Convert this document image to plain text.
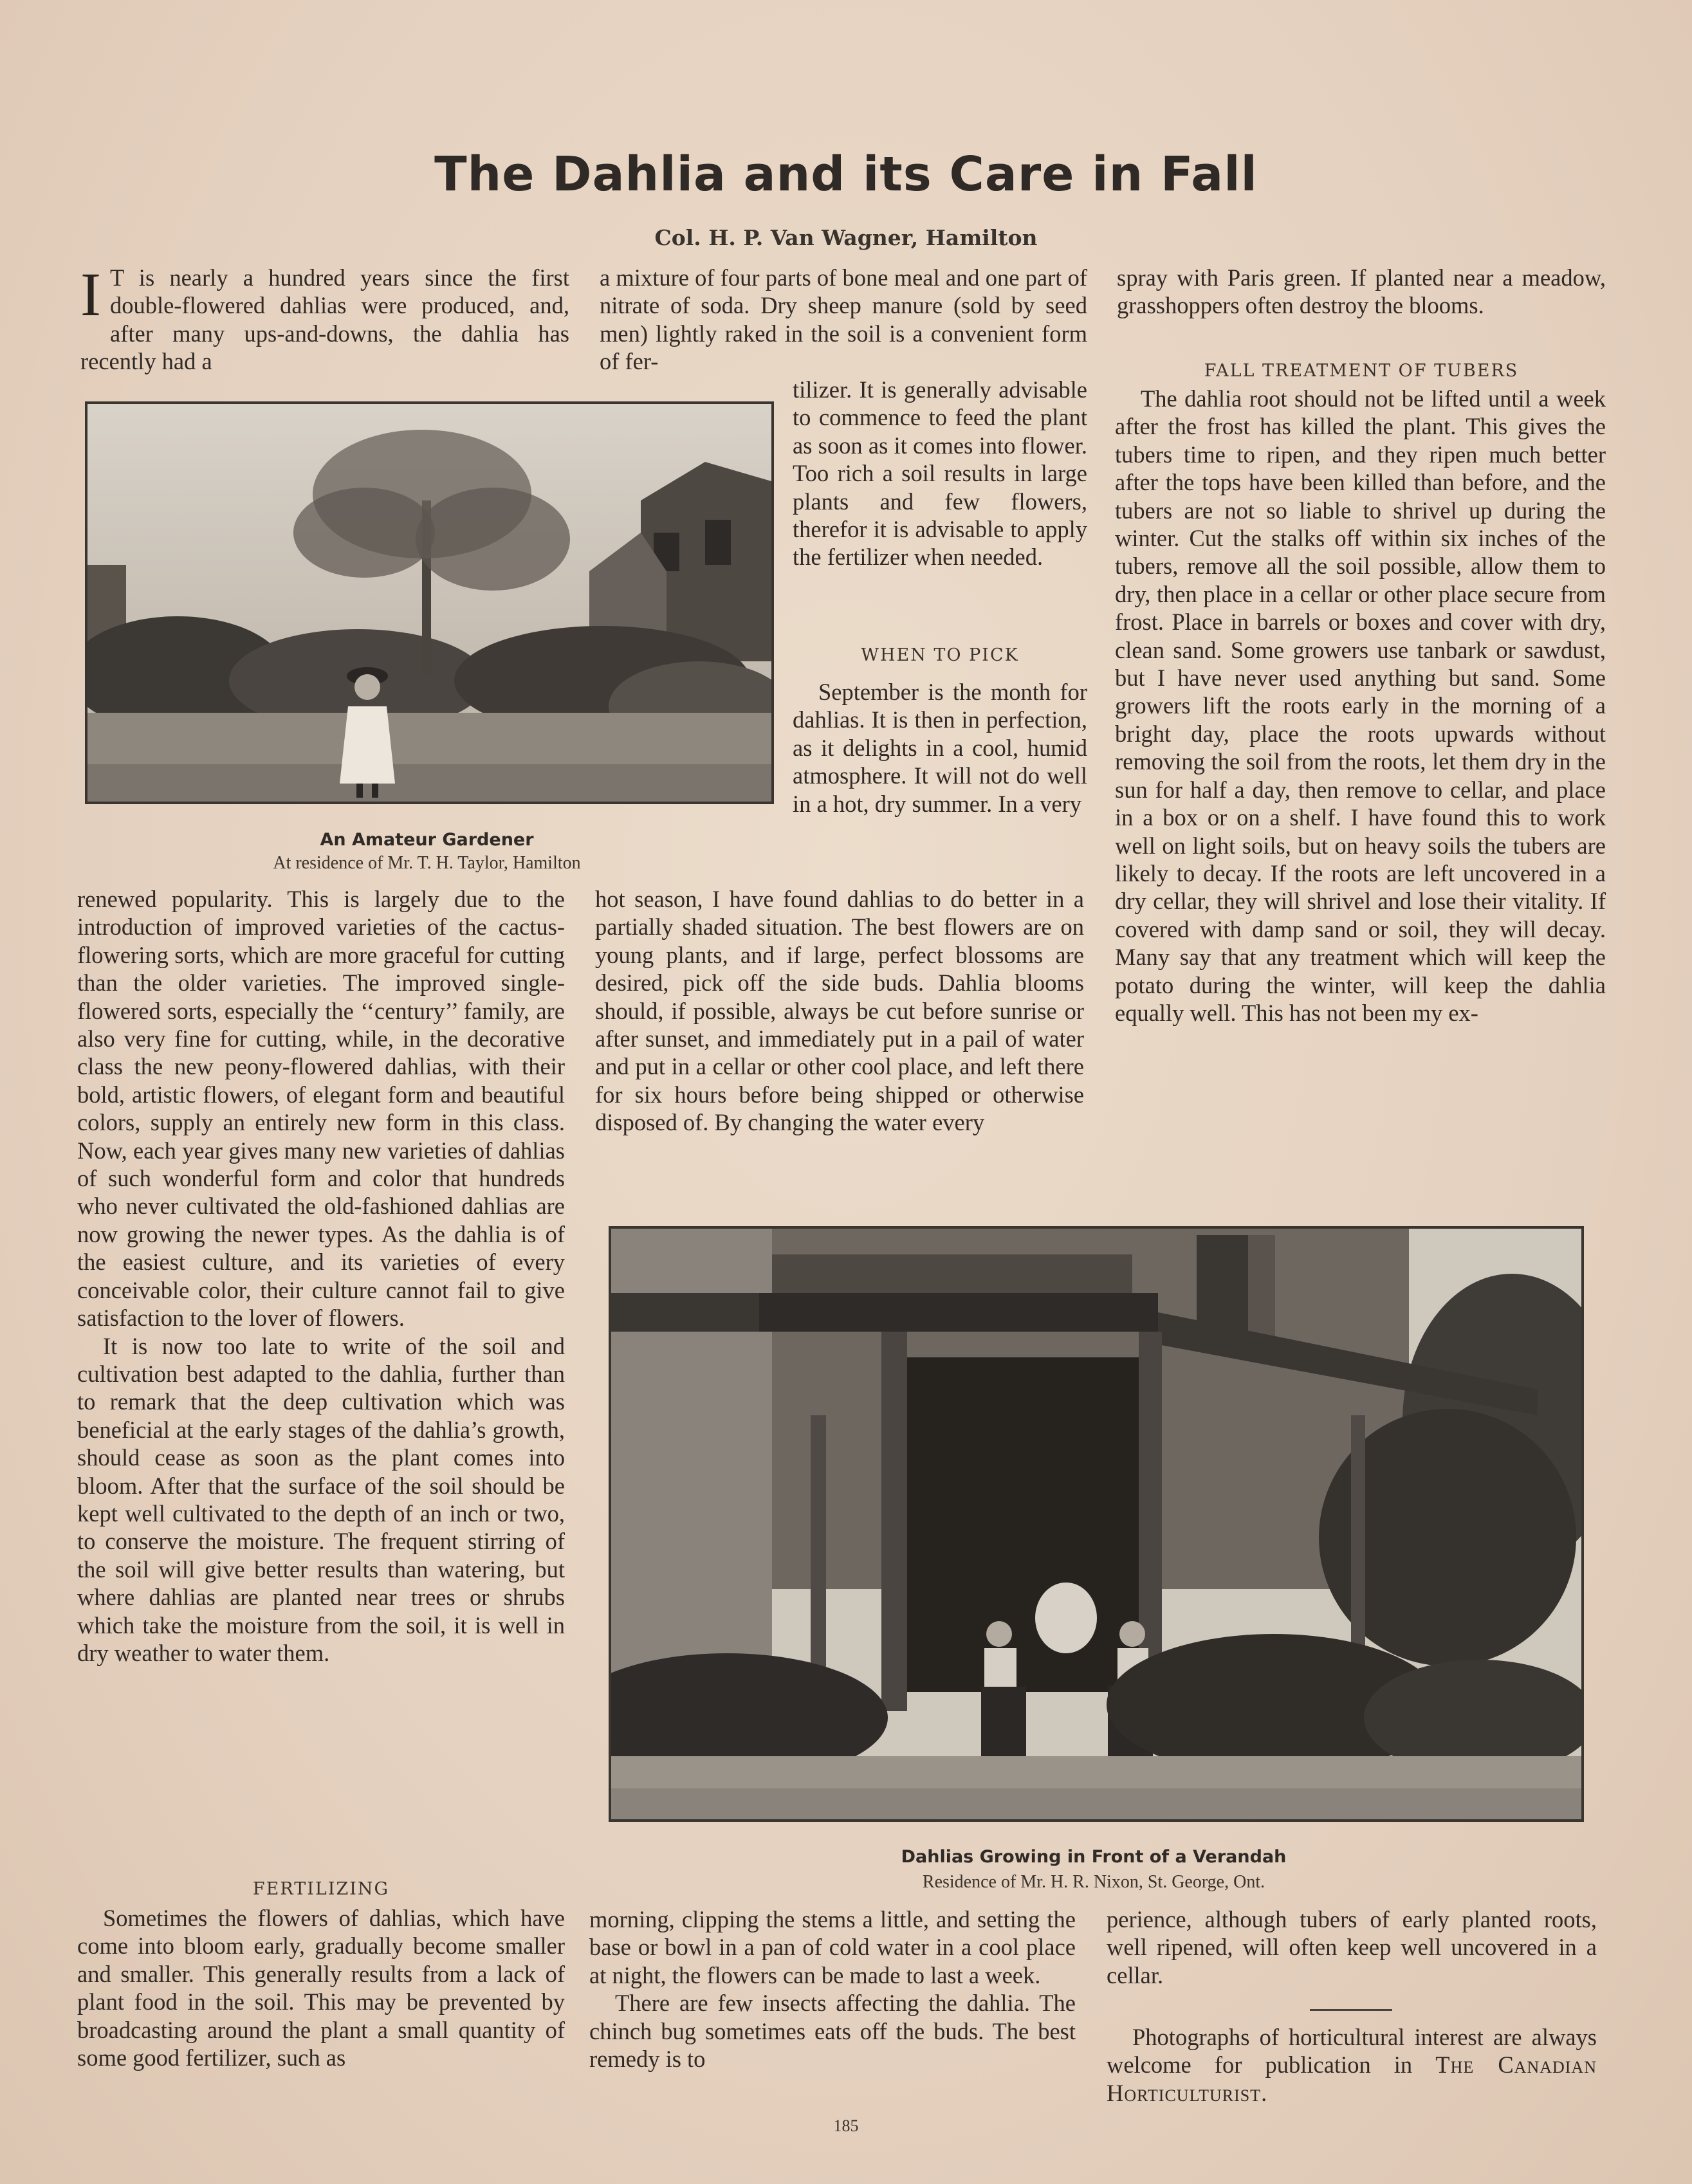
The Dahlia and its Care in Fall
Col. H. P. Van Wagner, Hamilton

I T is nearly a hundred years since the first double-flowered dahlias were produced, and, after many ups-and-downs, the dahlia has recently had a

An Amateur Gardener
At residence of Mr. T. H. Taylor, Hamilton

renewed popularity. This is largely due to the introduction of improved varieties of the cactus-flowering sorts, which are more graceful for cutting than the older varieties. The improved single-flowered sorts, especially the ‘‘century’’ family, are also very fine for cutting, while, in the decorative class the new peony-flowered dahlias, with their bold, artistic flowers, of elegant form and beautiful colors, supply an entirely new form in this class. Now, each year gives many new varieties of dahlias of such wonderful form and color that hundreds who never cultivated the old-fashioned dahlias are now growing the newer types. As the dahlia is of the easiest culture, and its varieties of every conceivable color, their culture cannot fail to give satisfaction to the lover of flowers.

It is now too late to write of the soil and cultivation best adapted to the dahlia, further than to remark that the deep cultivation which was beneficial at the early stages of the dahlia’s growth, should cease as soon as the plant comes into bloom. After that the surface of the soil should be kept well cultivated to the depth of an inch or two, to conserve the moisture. The frequent stirring of the soil will give better results than watering, but where dahlias are planted near trees or shrubs which take the moisture from the soil, it is well in dry weather to water them.

FERTILIZING

Sometimes the flowers of dahlias, which have come into bloom early, gradually become smaller and smaller. This generally results from a lack of plant food in the soil. This may be prevented by broadcasting around the plant a small quantity of some good fertilizer, such as

a mixture of four parts of bone meal and one part of nitrate of soda. Dry sheep manure (sold by seed men) lightly raked in the soil is a convenient form of fer-

tilizer. It is generally advisable to commence to feed the plant as soon as it comes into flower. Too rich a soil results in large plants and few flowers, therefor it is advisable to apply the fertilizer when needed.

WHEN TO PICK

September is the month for dahlias. It is then in perfection, as it delights in a cool, humid atmosphere. It will not do well in a hot, dry summer. In a very

hot season, I have found dahlias to do better in a partially shaded situation. The best flowers are on young plants, and if large, perfect blossoms are desired, pick off the side buds. Dahlia blooms should, if possible, always be cut before sunrise or after sunset, and immediately put in a pail of water and put in a cellar or other cool place, and left there for six hours before being shipped or otherwise disposed of. By changing the water every

spray with Paris green. If planted near a meadow, grasshoppers often destroy the blooms.

FALL TREATMENT OF TUBERS

The dahlia root should not be lifted until a week after the frost has killed the plant. This gives the tubers time to ripen, and they ripen much better after the tops have been killed than before, and the tubers are not so liable to shrivel up during the winter. Cut the stalks off within six inches of the tubers, remove all the soil possible, allow them to dry, then place in a cellar or other place secure from frost. Place in barrels or boxes and cover with dry, clean sand. Some growers use tanbark or sawdust, but I have never used anything but sand. Some growers lift the roots early in the morning of a bright day, place the roots upwards without removing the soil from the roots, let them dry in the sun for half a day, then remove to cellar, and place in a box or on a shelf. I have found this to work well on light soils, but on heavy soils the tubers are likely to decay. If the roots are left uncovered in a dry cellar, they will shrivel and lose their vitality. If covered with damp sand or soil, they will decay. Many say that any treatment which will keep the potato during the winter, will keep the dahlia equally well. This has not been my ex-

Dahlias Growing in Front of a Verandah
Residence of Mr. H. R. Nixon, St. George, Ont.

morning, clipping the stems a little, and setting the base or bowl in a pan of cold water in a cool place at night, the flowers can be made to last a week.

There are few insects affecting the dahlia. The chinch bug sometimes eats off the buds. The best remedy is to

perience, although tubers of early planted roots, well ripened, will often keep well uncovered in a cellar.

Photographs of horticultural interest are always welcome for publication in The Canadian Horticulturist.

185
